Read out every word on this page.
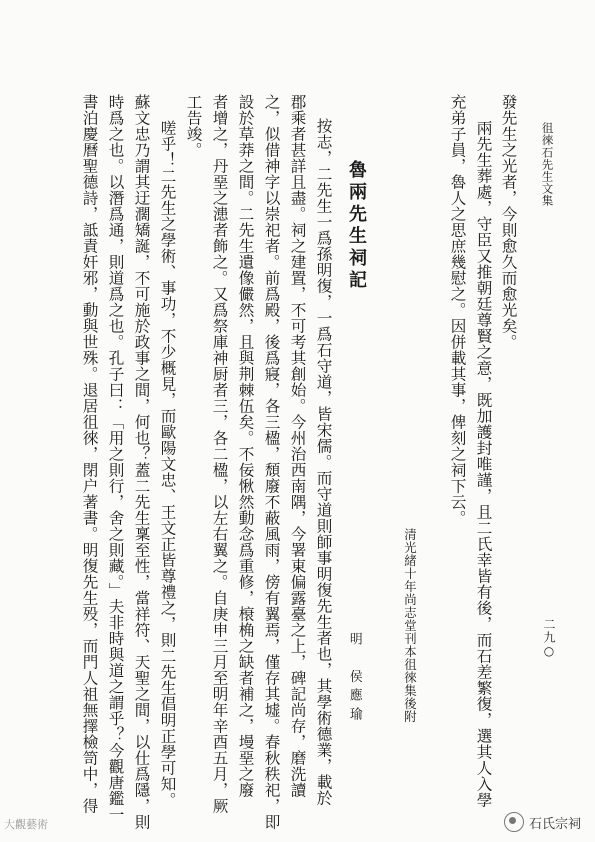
徂徠石先生文集
二九○
發先生之光者，今則愈久而愈光矣。
兩先生葬處，守臣又推朝廷尊賢之意，既加護封唯謹，且二氏幸皆有後，而石差繁復，選其人入學
充弟子員，魯人之思庶幾慰之。因併載其事，俾刻之祠下云。
清光緒十年尚志堂刊本徂徠集後附
魯兩先生祠記
明　侯應瑜
按志，二先生一爲孫明復，一爲石守道，皆宋儒。而守道則師事明復先生者也，其學術德業，載於
郡乘者甚詳且盡。祠之建置，不可考其創始。今州治西南隅，今署東偏露臺之上，碑記尚存，磨洗讀
之，似借神字以崇祀者。前爲殿，後爲寢，各三楹，頹廢不蔽風雨，傍有翼焉，僅存其墟。春秋秩祀，即
設於草莽之間。二先生遺像儼然，且與荆棘伍矣。不佞愀然動念爲重修，榱桷之缺者補之，墁堊之廢
者增之，丹堊之漶者飾之。又爲祭庫神厨者三，各二楹，以左右翼之。自庚申三月至明年辛酉五月，厥
工告竣。
嗟乎！二先生之學術、事功，不少概見，而歐陽文忠、王文正皆尊禮之，則二先生倡明正學可知。
蘇文忠乃謂其迂濶矯誕，不可施於政事之間，何也？蓋二先生稟至性，當祥符、天聖之間，以仕爲隱，則
時爲之也。以潛爲通，則道爲之也。孔子曰：「用之則行，舍之則藏。」夫非時與道之謂乎？今觀唐鑑一
書泊慶曆聖德詩，詆責奸邪，動與世殊。退居徂徠，閉户著書。明復先生殁，而門人祖無擇檢笥中，得
大觀藝術	石氏宗祠
